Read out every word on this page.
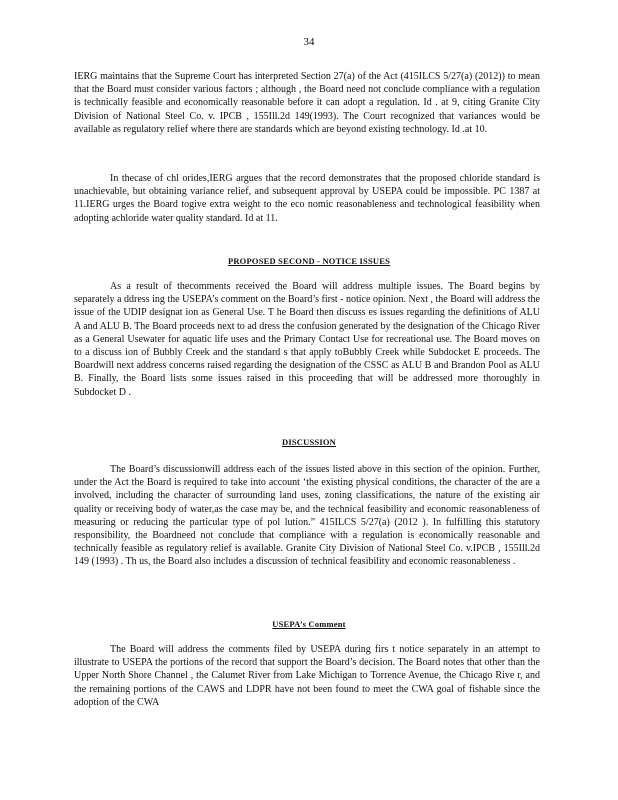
34

IERG maintains that the Supreme Court has interpreted Section 27(a) of the Act (415ILCS 5/27(a) (2012)) to mean that the Board must consider various factors ; although , the Board need not conclude compliance with a regulation is technically feasible and economically reasonable before it can adopt a regulation. Id . at 9, citing Granite City Division of National Steel Co. v. IPCB , 155Ill.2d 149(1993). The Court recognized that variances would be available as regulatory relief where there are standards which are beyond existing technology. Id .at 10.

In thecase of chl orides,IERG argues that the record demonstrates that the proposed chloride standard is unachievable, but obtaining variance relief, and subsequent approval by USEPA could be impossible. PC 1387 at 11.IERG urges the Board togive extra weight to the eco nomic reasonableness and technological feasibility when adopting achloride water quality standard. Id at 11.

PROPOSED SECOND - NOTICE ISSUES

As a result of thecomments received the Board will address multiple issues. The Board begins by separately a ddress ing the USEPA’s comment on the Board’s first - notice opinion. Next , the Board will address the issue of the UDIP designat ion as General Use. T he Board then discuss es issues regarding the definitions of ALU A and ALU B. The Board proceeds next to ad dress the confusion generated by the designation of the Chicago River as a General Usewater for aquatic life uses and the Primary Contact Use for recreational use. The Board moves on to a discuss ion of Bubbly Creek and the standard s that apply toBubbly Creek while Subdocket E proceeds. The Boardwill next address concerns raised regarding the designation of the CSSC as ALU B and Brandon Pool as ALU B. Finally, the Board lists some issues raised in this proceeding that will be addressed more thoroughly in Subdocket D .

DISCUSSION

The Board’s discussionwill address each of the issues listed above in this section of the opinion. Further, under the Act the Board is required to take into account ‘the existing physical conditions, the character of the are a involved, including the character of surrounding land uses, zoning classifications, the nature of the existing air quality or receiving body of water,as the case may be, and the technical feasibility and economic reasonableness of measuring or reducing the particular type of pol lution.” 415ILCS 5/27(a) (2012 ). In fulfilling this statutory responsibility, the Boardneed not conclude that compliance with a regulation is economically reasonable and technically feasible as regulatory relief is available. Granite City Division of National Steel Co. v.IPCB , 155Ill.2d 149 (1993) . Th us, the Board also includes a discussion of technical feasibility and economic reasonableness .

USEPA’s Comment

The Board will address the comments filed by USEPA during firs t notice separately in an attempt to illustrate to USEPA the portions of the record that support the Board’s decision. The Board notes that other than the Upper North Shore Channel , the Calumet River from Lake Michigan to Torrence Avenue, the Chicago Rive r, and the remaining portions of the CAWS and LDPR have not been found to meet the CWA goal of fishable since the adoption of the CWA
